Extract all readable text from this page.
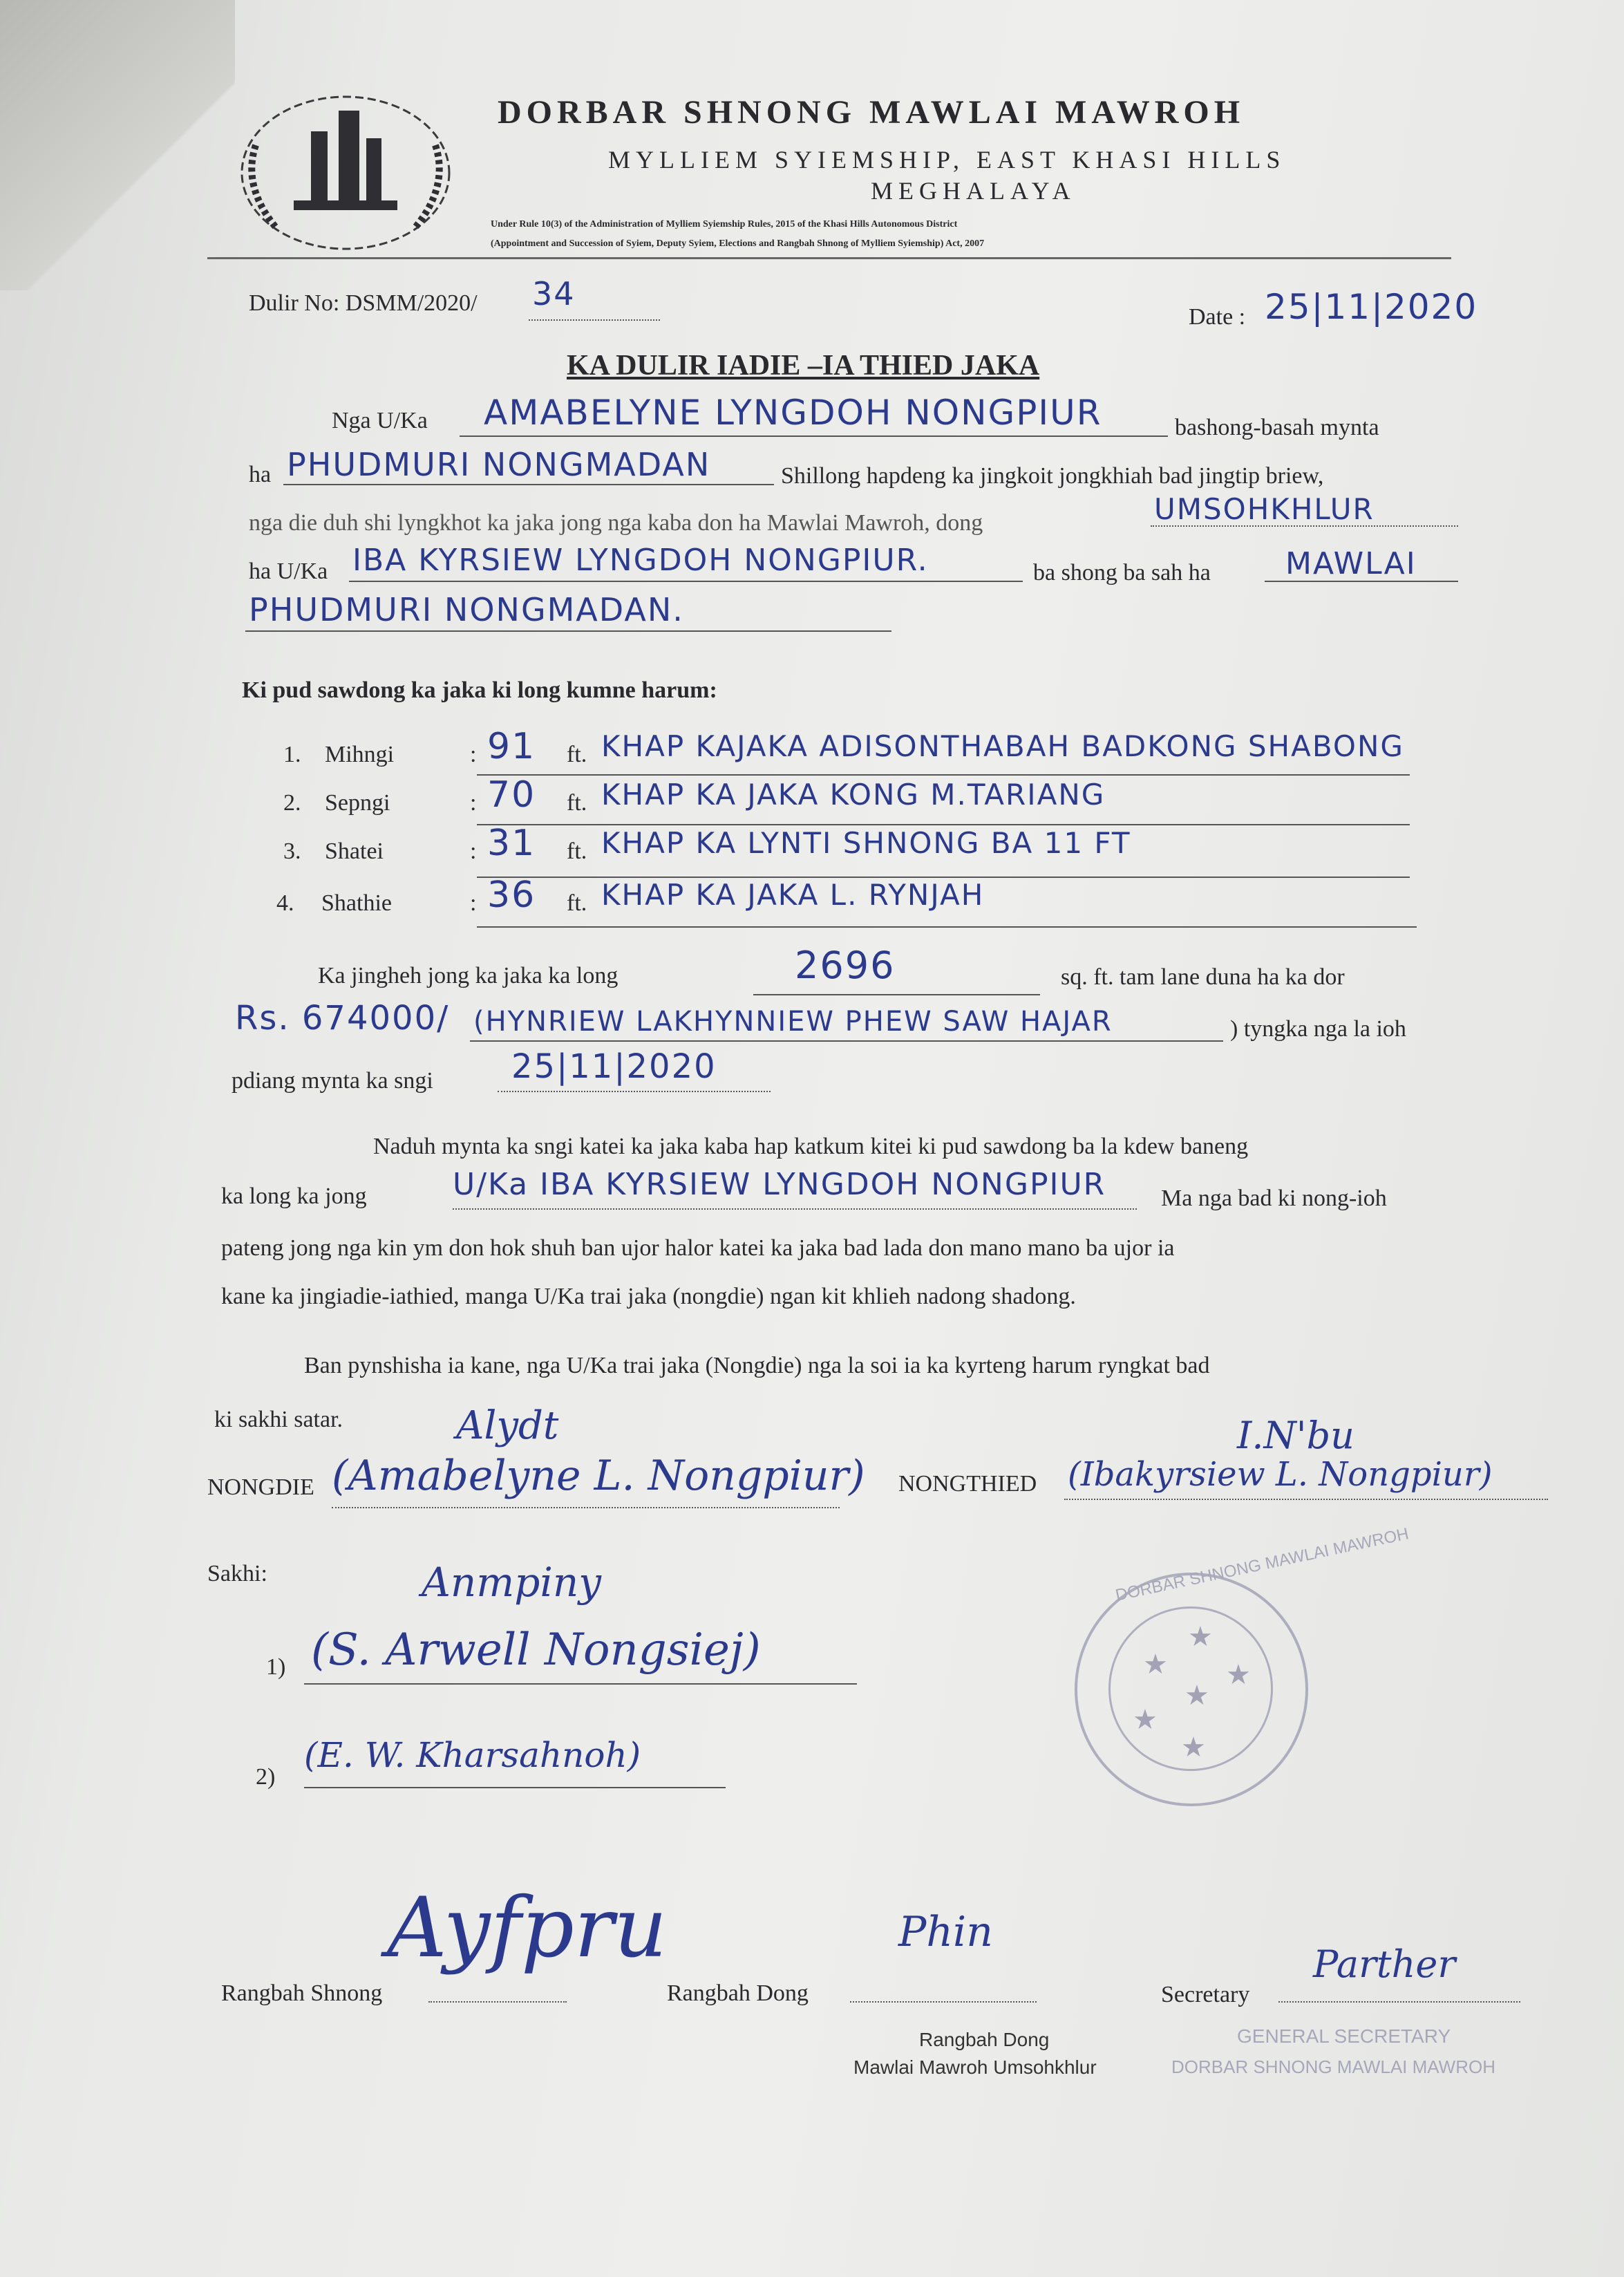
DORBAR SHNONG MAWLAI MAWROH
MYLLIEM SYIEMSHIP, EAST KHASI HILLS
MEGHALAYA
Under Rule 10(3) of the Administration of Mylliem Syiemship Rules, 2015 of the Khasi Hills Autonomous District
(Appointment and Succession of Syiem, Deputy Syiem, Elections and Rangbah Shnong of Mylliem Syiemship) Act, 2007
Dulir No: DSMM/2020/ 34
Date : 25|11|2020
KA DULIR IADIE –IA THIED JAKA
Nga U/Ka AMABELYNE LYNGDOH NONGPIUR	bashong-basah mynta
ha PHUDMURI NONGMADAN	Shillong hapdeng ka jingkoit jongkhiah bad jingtip briew,
nga die duh shi lyngkhot ka jaka jong nga kaba don ha Mawlai Mawroh, dong	UMSOHKHLUR
ha U/Ka IBA KYRSIEW LYNGDOH NONGPIUR.	ba shong ba sah ha MAWLAI
PHUDMURI NONGMADAN.
Ki pud sawdong ka jaka ki long kumne harum:
1. Mihngi	: 91 ft. KHAP KAJAKA ADISONTHABAH BADKONG SHABONG
2. Sepngi	: 70 ft. KHAP KA JAKA KONG M.TARIANG
3. Shatei	: 31 ft. KHAP KA LYNTI SHNONG BA 11 FT
4. Shathie	: 36 ft. KHAP KA JAKA L. RYNJAH
Ka jingheh jong ka jaka ka long	2696	sq. ft. tam lane duna ha ka dor
Rs. 674000/ (HYNRIEW LAKHYNNIEW PHEW SAW HAJAR	) tyngka nga la ioh
pdiang mynta ka sngi 25|11|2020
Naduh mynta ka sngi katei ka jaka kaba hap katkum kitei ki pud sawdong ba la kdew baneng
ka long ka jong	U/Ka IBA KYRSIEW LYNGDOH NONGPIUR Ma nga bad ki nong-ioh
pateng jong nga kin ym don hok shuh ban ujor halor katei ka jaka bad lada don mano mano ba ujor ia
kane ka jingiadie-iathied, manga U/Ka trai jaka (nongdie) ngan kit khlieh nadong shadong.
Ban pynshisha ia kane, nga U/Ka trai jaka (Nongdie) nga la soi ia ka kyrteng harum ryngkat bad
ki sakhi satar.	Alydt
NONGDIE (Amabelyne L. Nongpiur)
I.N'bu
NONGTHIED (Ibakyrsiew L. Nongpiur)
Sakhi:	Anmpiny
1) (S. Arwell Nongsiej)
2)
(E. W. Kharsahnoh)
★
★
★
★
★
★
DORBAR SHNONG MAWLAI MAWROH
Ayfpru
Rangbah Shnong
Phin
Rangbah Dong
Parther
Secretary
Rangbah Dong
Mawlai Mawroh Umsohkhlur
GENERAL SECRETARY
DORBAR SHNONG MAWLAI MAWROH
